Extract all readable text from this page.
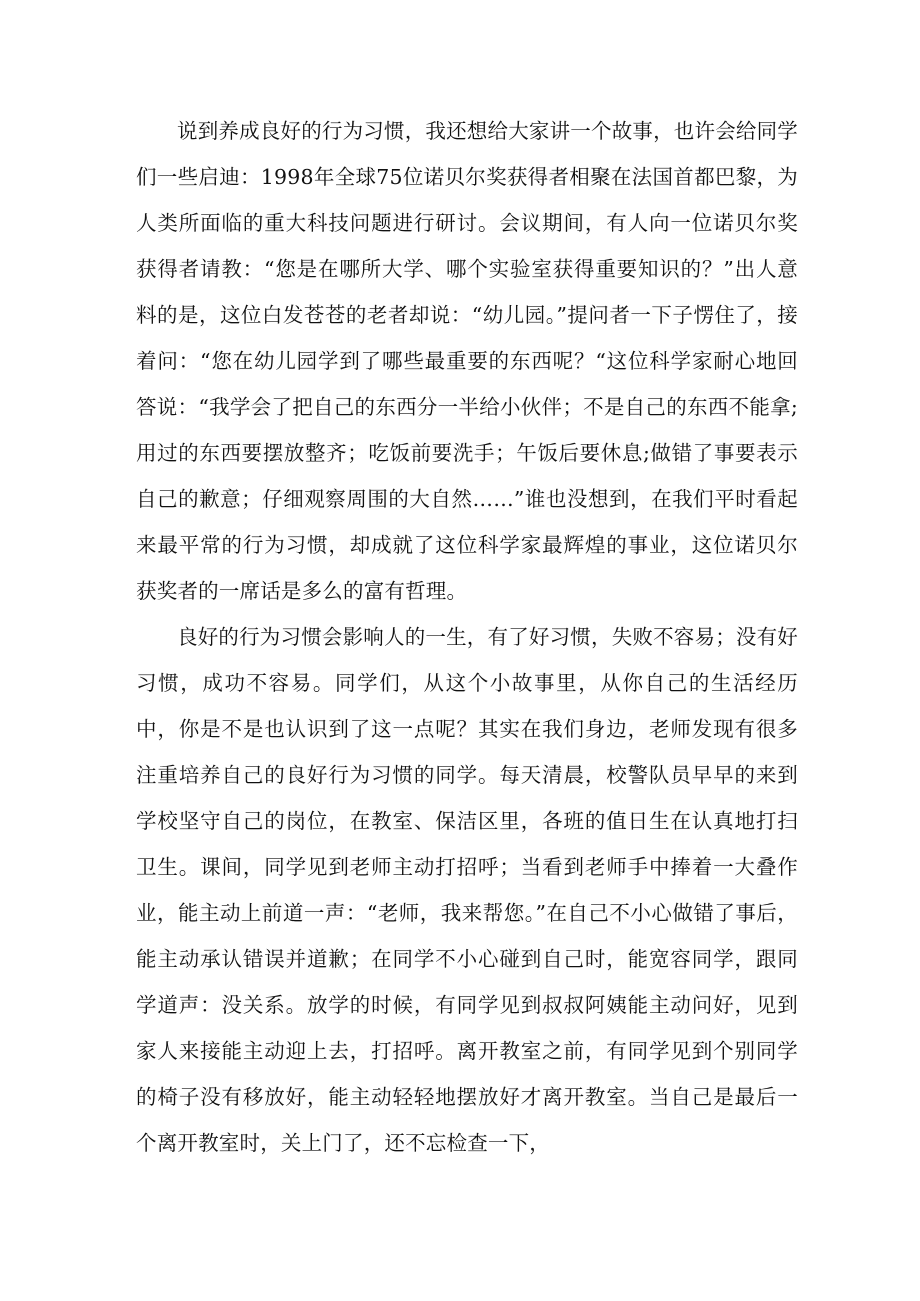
说到养成良好的行为习惯，我还想给大家讲一个故事，也许会给同学们一些启迪：1998年全球75位诺贝尔奖获得者相聚在法国首都巴黎，为人类所面临的重大科技问题进行研讨。会议期间，有人向一位诺贝尔奖获得者请教：“您是在哪所大学、哪个实验室获得重要知识的？”出人意料的是，这位白发苍苍的老者却说：“幼儿园。”提问者一下子愣住了，接着问：“您在幼儿园学到了哪些最重要的东西呢？“这位科学家耐心地回答说：“我学会了把自己的东西分一半给小伙伴；不是自己的东西不能拿;用过的东西要摆放整齐；吃饭前要洗手；午饭后要休息;做错了事要表示自己的歉意；仔细观察周围的大自然……”谁也没想到，在我们平时看起来最平常的行为习惯，却成就了这位科学家最辉煌的事业，这位诺贝尔获奖者的一席话是多么的富有哲理。

良好的行为习惯会影响人的一生，有了好习惯，失败不容易；没有好习惯，成功不容易。同学们，从这个小故事里，从你自己的生活经历中，你是不是也认识到了这一点呢？其实在我们身边，老师发现有很多注重培养自己的良好行为习惯的同学。每天清晨，校警队员早早的来到学校坚守自己的岗位，在教室、保洁区里，各班的值日生在认真地打扫卫生。课间，同学见到老师主动打招呼；当看到老师手中捧着一大叠作业，能主动上前道一声：“老师，我来帮您。”在自己不小心做错了事后，能主动承认错误并道歉；在同学不小心碰到自己时，能宽容同学，跟同学道声：没关系。放学的时候，有同学见到叔叔阿姨能主动问好，见到家人来接能主动迎上去，打招呼。离开教室之前，有同学见到个别同学的椅子没有移放好，能主动轻轻地摆放好才离开教室。当自己是最后一个离开教室时，关上门了，还不忘检查一下，
